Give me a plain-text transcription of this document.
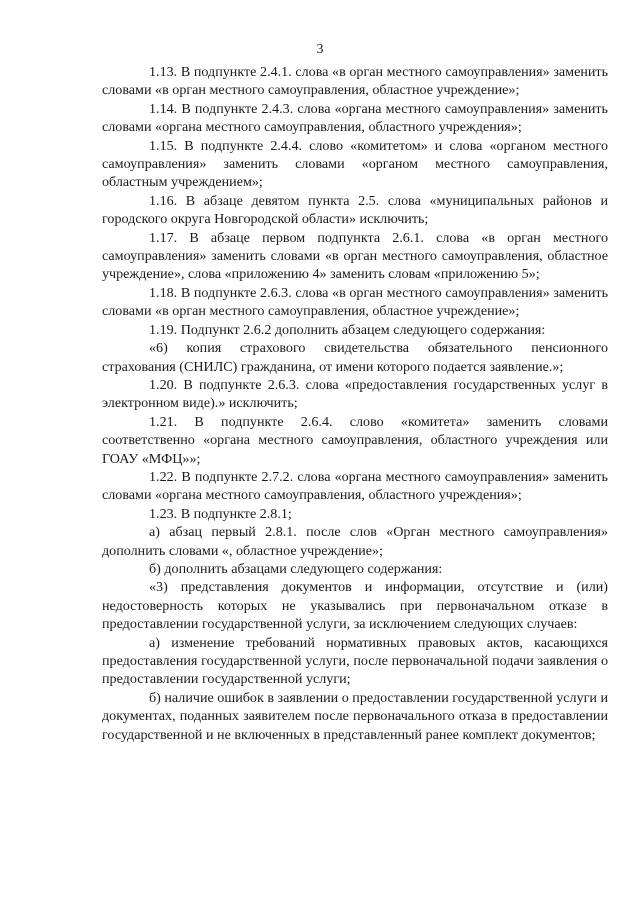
3

1.13. В подпункте 2.4.1. слова «в орган местного самоуправления» заменить словами «в орган местного самоуправления, областное учреждение»;

1.14. В подпункте 2.4.3. слова «органа местного самоуправления» заменить словами «органа местного самоуправления, областного учреждения»;

1.15. В подпункте 2.4.4. слово «комитетом» и слова «органом местного самоуправления» заменить словами «органом местного самоуправления, областным учреждением»;

1.16. В абзаце девятом пункта 2.5. слова «муниципальных районов и городского округа Новгородской области» исключить;

1.17. В абзаце первом подпункта 2.6.1. слова «в орган местного самоуправления» заменить словами «в орган местного самоуправления, областное учреждение», слова «приложению 4» заменить словам «приложению 5»;

1.18. В подпункте 2.6.3. слова «в орган местного самоуправления» заменить словами «в орган местного самоуправления, областное учреждение»;

1.19. Подпункт 2.6.2 дополнить абзацем следующего содержания:

«6) копия страхового свидетельства обязательного пенсионного страхования (СНИЛС) гражданина, от имени которого подается заявление.»;

1.20. В подпункте 2.6.3. слова «предоставления государственных услуг в электронном виде).» исключить;

1.21. В подпункте 2.6.4. слово «комитета» заменить словами соответственно «органа местного самоуправления, областного учреждения или ГОАУ «МФЦ»»;

1.22. В подпункте 2.7.2. слова «органа местного самоуправления» заменить словами «органа местного самоуправления, областного учреждения»;

1.23. В подпункте 2.8.1;

а) абзац первый 2.8.1. после слов «Орган местного самоуправления» дополнить словами «, областное учреждение»;

б) дополнить абзацами следующего содержания:

«3) представления документов и информации, отсутствие и (или) недостоверность которых не указывались при первоначальном отказе в предоставлении государственной услуги, за исключением следующих случаев:

а) изменение требований нормативных правовых актов, касающихся предоставления государственной услуги, после первоначальной подачи заявления о предоставлении государственной услуги;

б) наличие ошибок в заявлении о предоставлении государственной услуги и документах, поданных заявителем после первоначального отказа в предоставлении государственной и не включенных в представленный ранее комплект документов;
